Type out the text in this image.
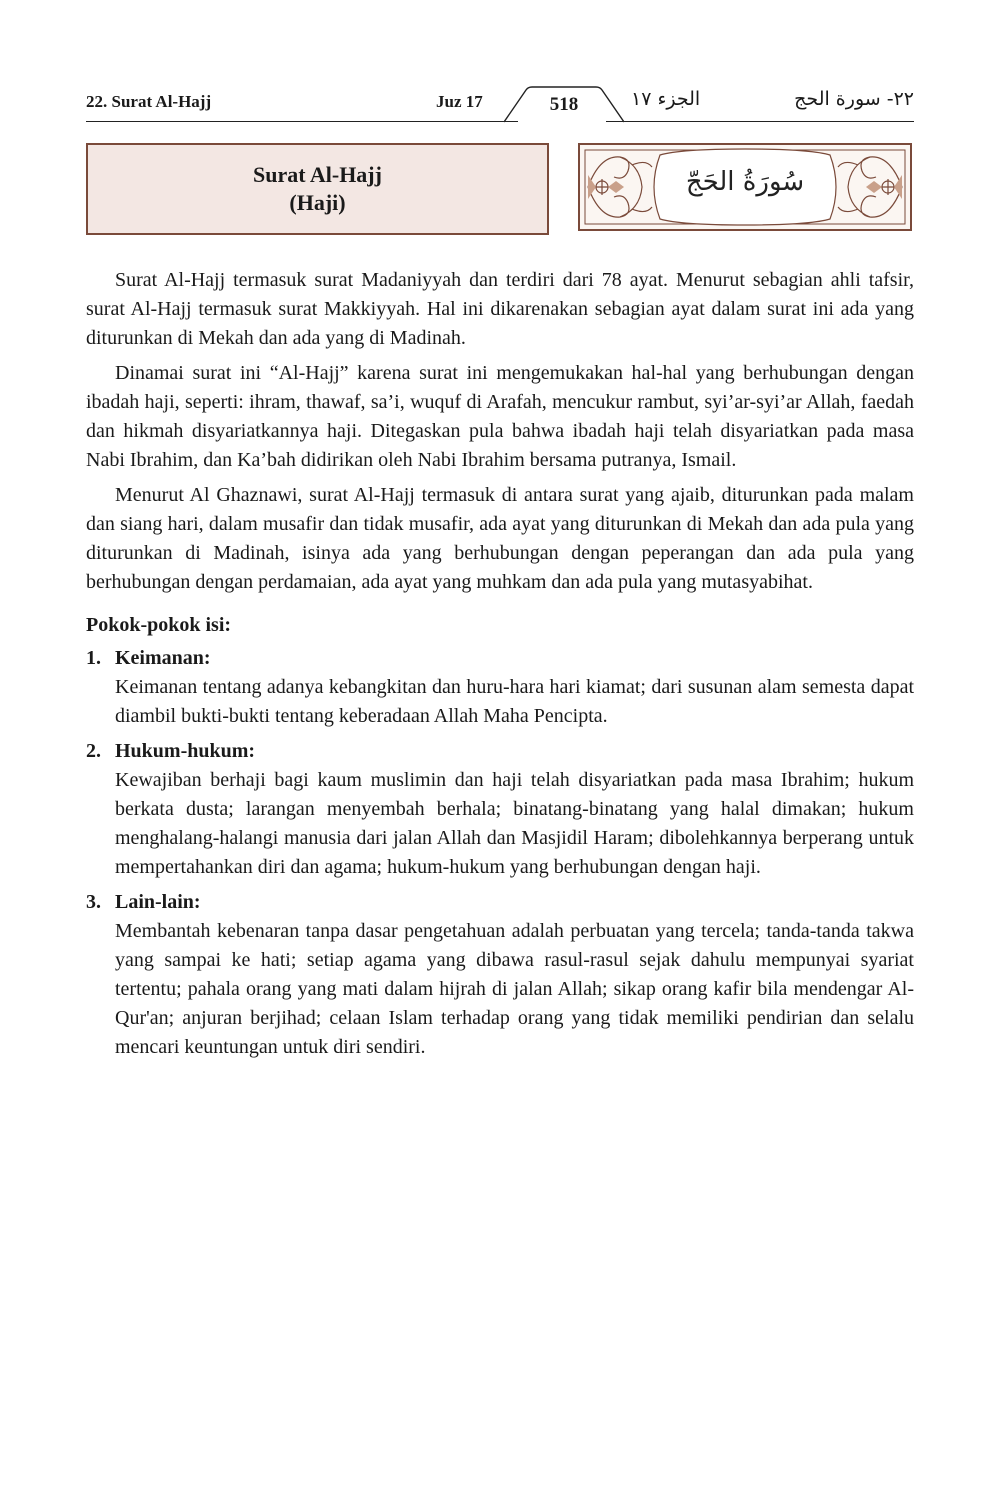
22. Surat Al-Hajj	Juz 17	518	الجزء ١٧	٢٢- سورة الحج
Surat Al-Hajj
(Haji)
سُورَةُ الحَجّ

Surat Al-Hajj termasuk surat Madaniyyah dan terdiri dari 78 ayat. Menurut sebagian ahli tafsir, surat Al-Hajj termasuk surat Makkiyyah. Hal ini dikarenakan sebagian ayat dalam surat ini ada yang diturunkan di Mekah dan ada yang di Madinah.

Dinamai surat ini “Al-Hajj” karena surat ini mengemukakan hal-hal yang berhubungan dengan ibadah haji, seperti: ihram, thawaf, sa’i, wuquf di Arafah, mencukur rambut, syi’ar-syi’ar Allah, faedah dan hikmah disyariatkannya haji. Ditegaskan pula bahwa ibadah haji telah disyariatkan pada masa Nabi Ibrahim, dan Ka’bah didirikan oleh Nabi Ibrahim bersama putranya, Ismail.

Menurut Al Ghaznawi, surat Al-Hajj termasuk di antara surat yang ajaib, diturunkan pada malam dan siang hari, dalam musafir dan tidak musafir, ada ayat yang diturunkan di Mekah dan ada pula yang diturunkan di Madinah, isinya ada yang berhubungan dengan peperangan dan ada pula yang berhubungan dengan perdamaian, ada ayat yang muhkam dan ada pula yang mutasyabihat.

Pokok-pokok isi:
1. Keimanan:
Keimanan tentang adanya kebangkitan dan huru-hara hari kiamat; dari susunan alam semesta dapat diambil bukti-bukti tentang keberadaan Allah Maha Pencipta.
2. Hukum-hukum:
Kewajiban berhaji bagi kaum muslimin dan haji telah disyariatkan pada masa Ibrahim; hukum berkata dusta; larangan menyembah berhala; binatang-binatang yang halal dimakan; hukum menghalang-halangi manusia dari jalan Allah dan Masjidil Haram; dibolehkannya berperang untuk mempertahankan diri dan agama; hukum-hukum yang berhubungan dengan haji.
3. Lain-lain:
Membantah kebenaran tanpa dasar pengetahuan adalah perbuatan yang tercela; tanda-tanda takwa yang sampai ke hati; setiap agama yang dibawa rasul-rasul sejak dahulu mempunyai syariat tertentu; pahala orang yang mati dalam hijrah di jalan Allah; sikap orang kafir bila mendengar Al-Qur'an; anjuran berjihad; celaan Islam terhadap orang yang tidak memiliki pendirian dan selalu mencari keuntungan untuk diri sendiri.
